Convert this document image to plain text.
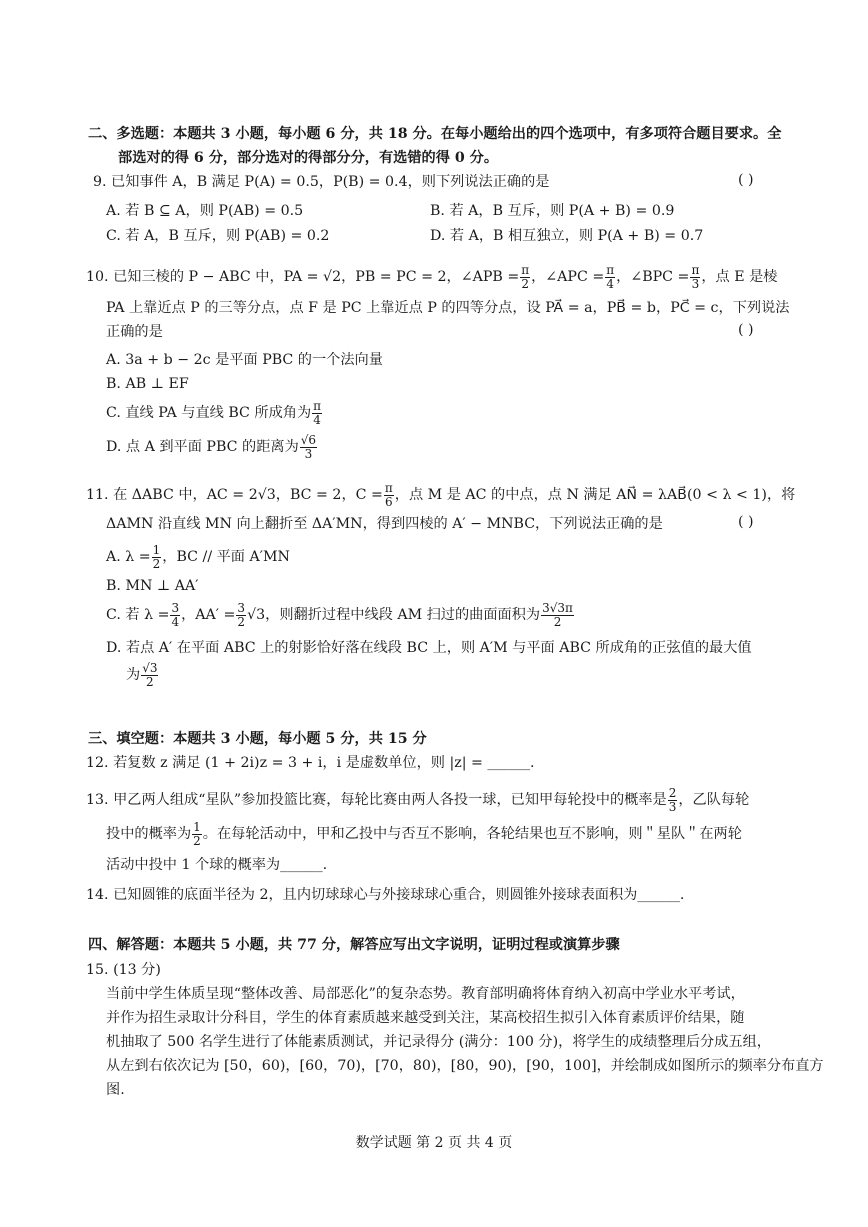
二、多选题：本题共 3 小题，每小题 6 分，共 18 分。在每小题给出的四个选项中，有多项符合题目要求。全
部选对的得 6 分，部分选对的得部分分，有选错的得 0 分。
9. 已知事件 A，B 满足 P(A) = 0.5，P(B) = 0.4，则下列说法正确的是	( )
A. 若 B ⊆ A，则 P(AB) = 0.5	B. 若 A，B 互斥，则 P(A + B) = 0.9
C. 若 A，B 互斥，则 P(AB) = 0.2	D. 若 A，B 相互独立，则 P(A + B) = 0.7
10. 已知三棱的 P − ABC 中，PA = √2，PB = PC = 2，∠APB = $\frac{\pi}{2}$ ，∠APC = $\frac{\pi}{4}$ ，∠BPC = $\frac{\pi}{3}$ ，点 E 是棱
PA 上靠近点 P 的三等分点，点 F 是 PC 上靠近点 P 的四等分点，设 PA⃗ = a，PB⃗ = b，PC⃗ = c，下列说法
正确的是	( )
A. 3a + b − 2c 是平面 PBC 的一个法向量
B. AB ⊥ EF
C. 直线 PA 与直线 BC 所成角为 $\frac{\pi}{4}$
D. 点 A 到平面 PBC 的距离为 $\frac{√6}{3}$
11. 在 ΔABC 中，AC = 2√3，BC = 2，$C = \frac{\pi}{6}$ ，点 M 是 AC 的中点，点 N 满足 AN⃗ = λAB⃗(0 < λ < 1)，将
ΔAMN 沿直线 MN 向上翻折至 ΔA′MN，得到四棱的 A′ − MNBC，下列说法正确的是	( )
A. $\lambda = \frac{1}{2}$ ，BC // 平面 A′MN
B. MN ⊥ AA′
C. 若 $\lambda = \frac{3}{4}$ ，$AA' = \frac{3}{2} √3$，则翻折过程中线段 AM 扫过的曲面面积为 $\frac{3√3\pi}{2}$
D. 若点 A′ 在平面 ABC 上的射影恰好落在线段 BC 上，则 A′M 与平面 ABC 所成角的正弦值的最大值
为 $\frac{√3}{2}$
三、填空题：本题共 3 小题，每小题 5 分，共 15 分
12. 若复数 z 满足 (1 + 2i)z = 3 + i，i 是虚数单位，则 |z| = ______.
13. 甲乙两人组成“星队”参加投篮比赛，每轮比赛由两人各投一球，已知甲每轮投中的概率是 $\frac{2}{3}$ ，乙队每轮
投中的概率为 $\frac{1}{2}$ 。在每轮活动中，甲和乙投中与否互不影响，各轮结果也互不影响，则＂星队＂在两轮
活动中投中 1 个球的概率为______.
14. 已知圆锥的底面半径为 2，且内切球球心与外接球球心重合，则圆锥外接球表面积为______.
四、解答题：本题共 5 小题，共 77 分，解答应写出文字说明，证明过程或演算步骤
15. (13 分)
当前中学生体质呈现“整体改善、局部恶化”的复杂态势。教育部明确将体育纳入初高中学业水平考试，
并作为招生录取计分科目，学生的体育素质越来越受到关注，某高校招生拟引入体育素质评价结果，随
机抽取了 500 名学生进行了体能素质测试，并记录得分 (满分：100 分)，将学生的成绩整理后分成五组，
从左到右依次记为 [50，60)，[60，70)，[70，80)，[80，90)，[90，100]，并绘制成如图所示的频率分布直方
图.
数学试题 第 2 页 共 4 页
